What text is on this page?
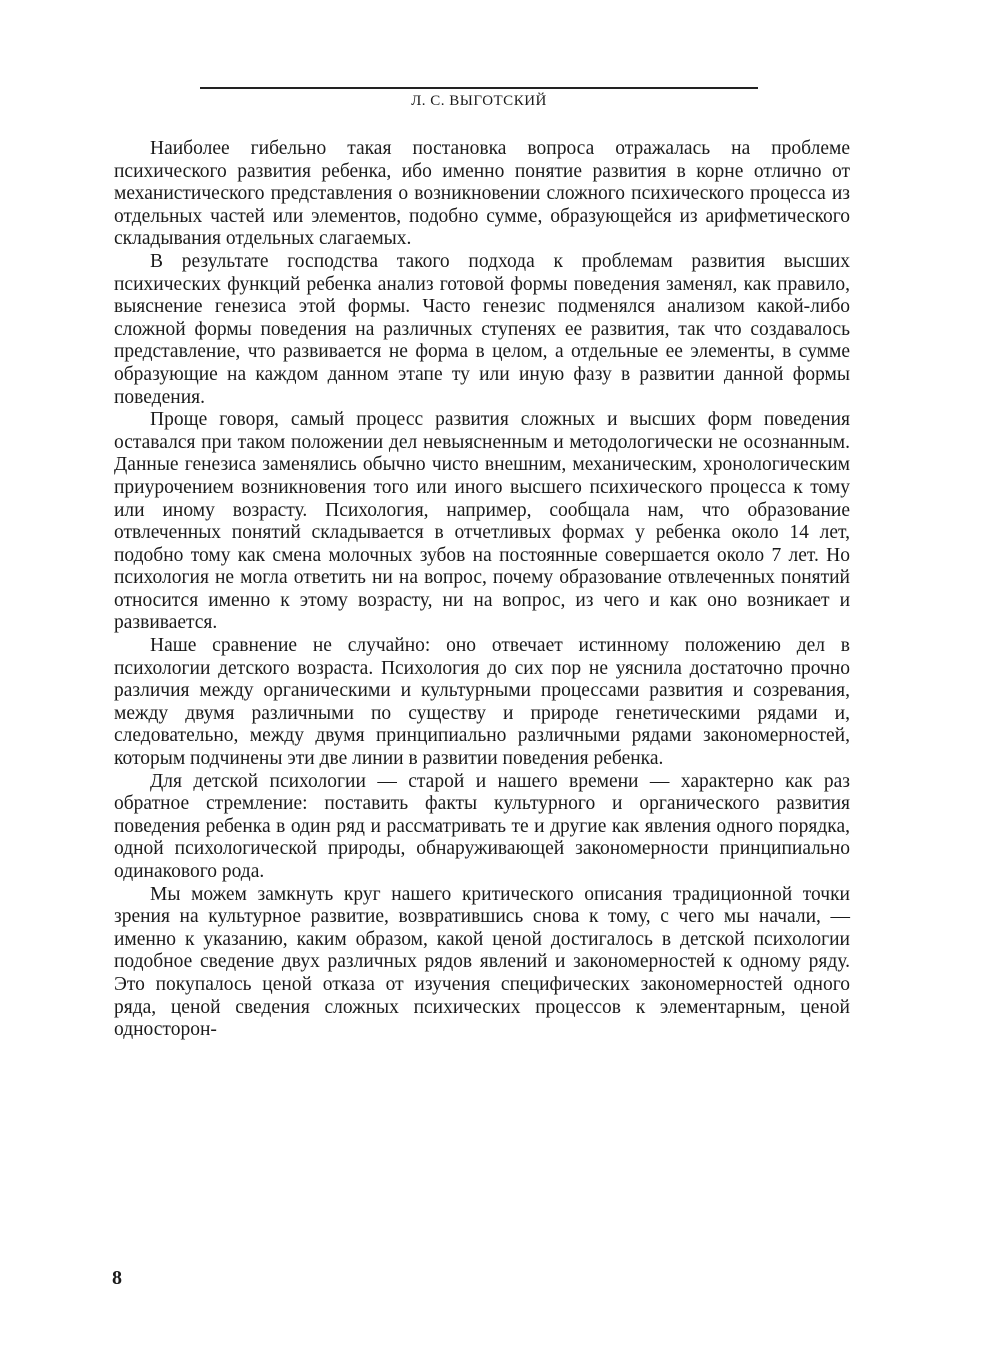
Л. С. ВЫГОТСКИЙ

Наиболее гибельно такая постановка вопроса отражалась на проблеме психического развития ребенка, ибо именно понятие развития в корне отлично от механистического представления о возникновении сложного психического процесса из отдельных частей или элементов, подобно сумме, образующейся из арифметического складывания отдельных слагаемых.

В результате господства такого подхода к проблемам развития высших психических функций ребенка анализ готовой формы поведения заменял, как правило, выяснение генезиса этой формы. Часто генезис подменялся анализом какой-либо сложной формы поведения на различных ступенях ее развития, так что создавалось представление, что развивается не форма в целом, а отдельные ее элементы, в сумме образующие на каждом данном этапе ту или иную фазу в развитии данной формы поведения.

Проще говоря, самый процесс развития сложных и высших форм поведения оставался при таком положении дел невыясненным и методологически не осознанным. Данные генезиса заменялись обычно чисто внешним, механическим, хронологическим приурочением возникновения того или иного высшего психического процесса к тому или иному возрасту. Психология, например, сообщала нам, что образование отвлеченных понятий складывается в отчетливых формах у ребенка около 14 лет, подобно тому как смена молочных зубов на постоянные совершается около 7 лет. Но психология не могла ответить ни на вопрос, почему образование отвлеченных понятий относится именно к этому возрасту, ни на вопрос, из чего и как оно возникает и развивается.

Наше сравнение не случайно: оно отвечает истинному положению дел в психологии детского возраста. Психология до сих пор не уяснила достаточно прочно различия между органическими и культурными процессами развития и созревания, между двумя различными по существу и природе генетическими рядами и, следовательно, между двумя принципиально различными рядами закономерностей, которым подчинены эти две линии в развитии поведения ребенка.

Для детской психологии — старой и нашего времени — характерно как раз обратное стремление: поставить факты культурного и органического развития поведения ребенка в один ряд и рассматривать те и другие как явления одного порядка, одной психологической природы, обнаруживающей закономерности принципиально одинакового рода.

Мы можем замкнуть круг нашего критического описания традиционной точки зрения на культурное развитие, возвратившись снова к тому, с чего мы начали, — именно к указанию, каким образом, какой ценой достигалось в детской психологии подобное сведение двух различных рядов явлений и закономерностей к одному ряду. Это покупалось ценой отказа от изучения специфических закономерностей одного ряда, ценой сведения сложных психических процессов к элементарным, ценой односторон-

8
